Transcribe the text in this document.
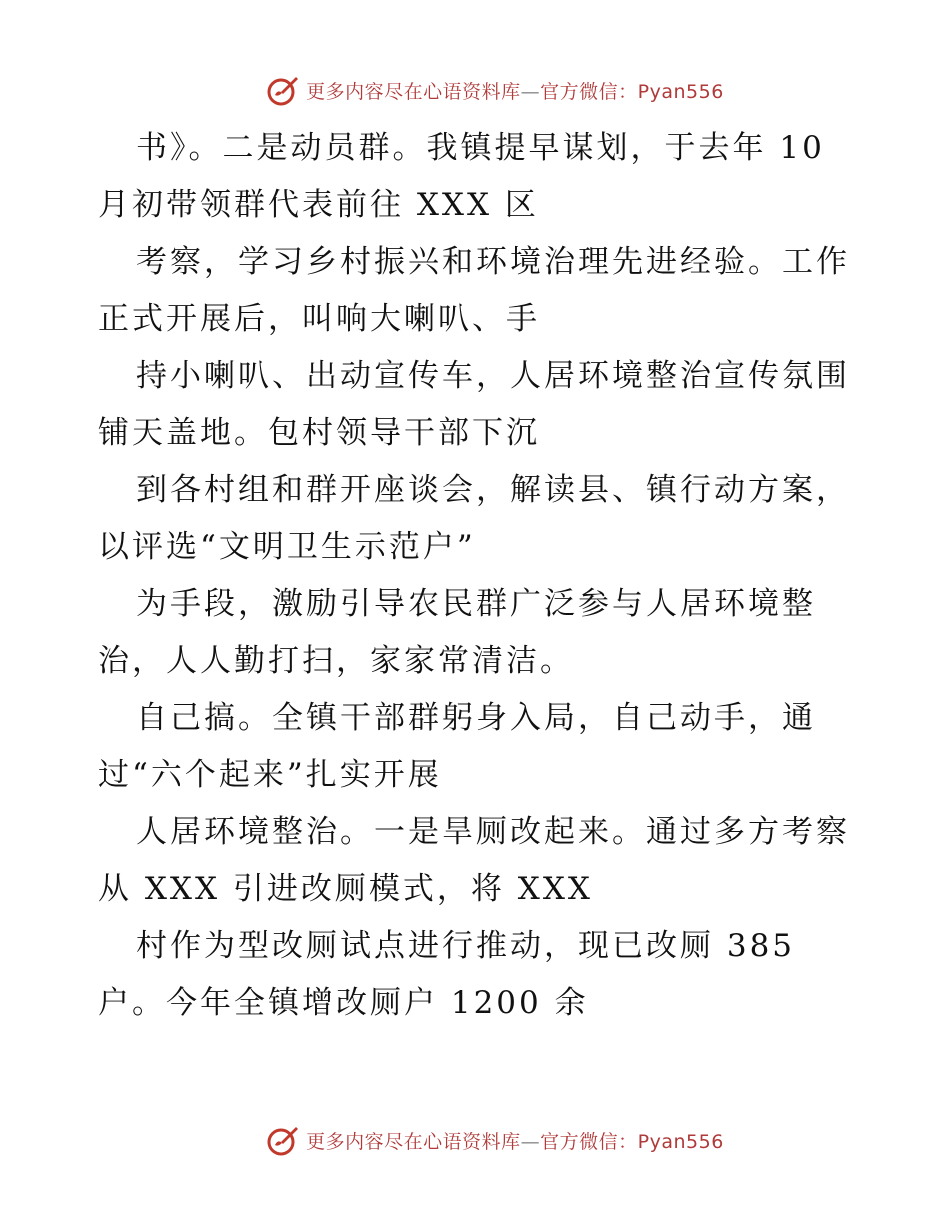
更多内容尽在心语资料库—官方微信：Pyan556
书》。二是动员群。我镇提早谋划，于去年 10
月初带领群代表前往 XXX 区
考察，学习乡村振兴和环境治理先进经验。工作
正式开展后，叫响大喇叭、手
持小喇叭、出动宣传车，人居环境整治宣传氛围
铺天盖地。包村领导干部下沉
到各村组和群开座谈会，解读县、镇行动方案，
以评选“文明卫生示范户”
为手段，激励引导农民群广泛参与人居环境整
治，人人勤打扫，家家常清洁。
自己搞。全镇干部群躬身入局，自己动手，通
过“六个起来”扎实开展
人居环境整治。一是旱厕改起来。通过多方考察
从 XXX 引进改厕模式，将 XXX
村作为型改厕试点进行推动，现已改厕 385
户。今年全镇增改厕户 1200 余
更多内容尽在心语资料库—官方微信：Pyan556
